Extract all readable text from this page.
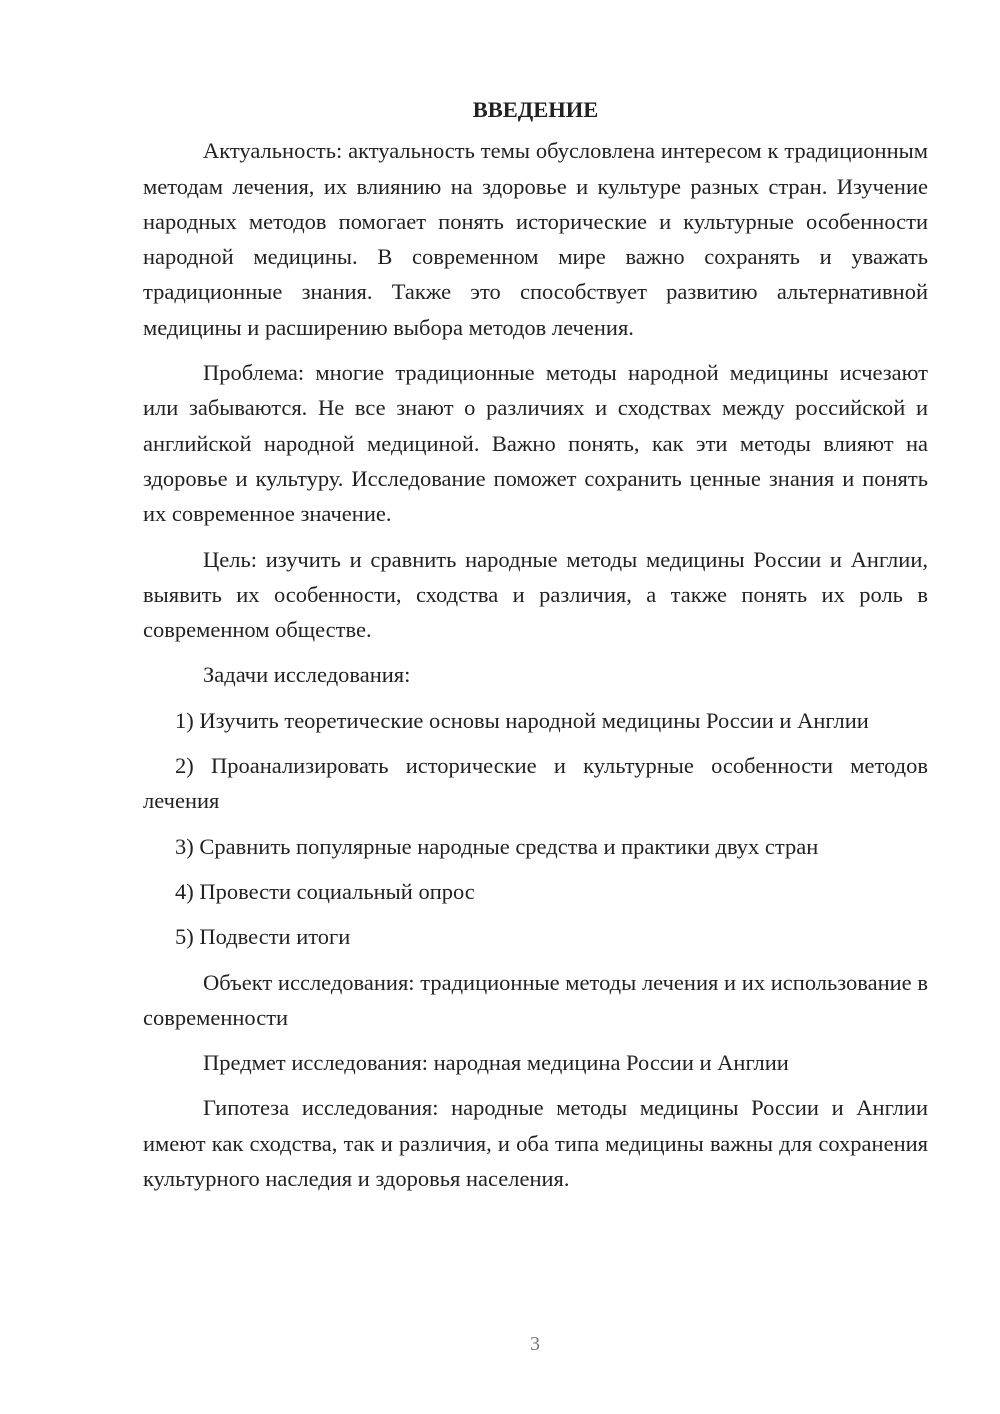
ВВЕДЕНИЕ

Актуальность: актуальность темы обусловлена интересом к традиционным методам лечения, их влиянию на здоровье и культуре разных стран. Изучение народных методов помогает понять исторические и культурные особенности народной медицины. В современном мире важно сохранять и уважать традиционные знания. Также это способствует развитию альтернативной медицины и расширению выбора методов лечения.

Проблема: многие традиционные методы народной медицины исчезают или забываются. Не все знают о различиях и сходствах между российской и английской народной медициной. Важно понять, как эти методы влияют на здоровье и культуру. Исследование поможет сохранить ценные знания и понять их современное значение.

Цель: изучить и сравнить народные методы медицины России и Англии, выявить их особенности, сходства и различия, а также понять их роль в современном обществе.

Задачи исследования:

1) Изучить теоретические основы народной медицины России и Англии

2) Проанализировать исторические и культурные особенности методов лечения

3) Сравнить популярные народные средства и практики двух стран

4) Провести социальный опрос

5) Подвести итоги

Объект исследования: традиционные методы лечения и их использование в современности

Предмет исследования: народная медицина России и Англии

Гипотеза исследования: народные методы медицины России и Англии имеют как сходства, так и различия, и оба типа медицины важны для сохранения культурного наследия и здоровья населения.

3
